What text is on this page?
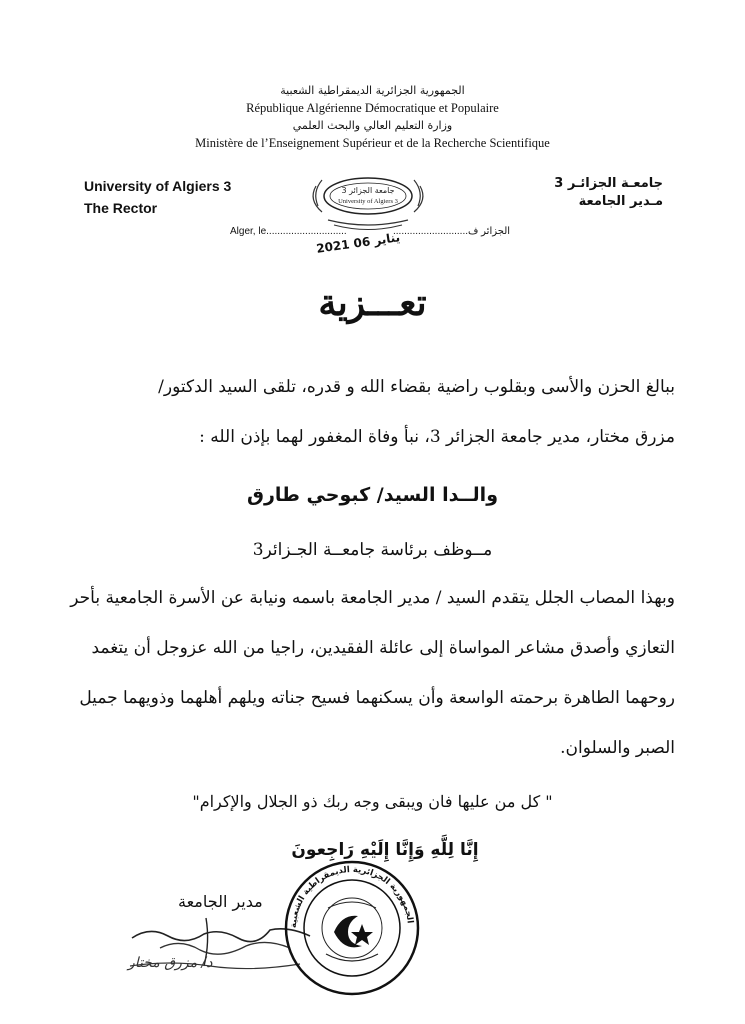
الجمهورية الجزائرية الديمقراطية الشعبية
République Algérienne Démocratique et Populaire
وزارة التعليم العالي والبحث العلمي
Ministère de l’Enseignement Supérieur et de la Recherche Scientifique
University of Algiers 3
The Rector
جامعـة الجزائـر 3
مـدير الجامعة
جامعة الجزائر 3
University of Algiers 3
Alger, le.............................	...........................الجزائر ف
2021 يناير 06
تعـــزية
ببالغ الحزن والأسى وبقلوب راضية بقضاء الله و قدره، تلقى السيد الدكتور/
مزرق مختار، مدير جامعة الجزائر 3، نبأ وفاة المغفور لهما بإذن الله :
والــدا السيد/ كبوحي طارق
مــوظف برئاسة جامعــة الجـزائر3
وبهذا المصاب الجلل يتقدم السيد / مدير الجامعة باسمه ونيابة عن الأسرة الجامعية بأحر
التعازي وأصدق مشاعر المواساة إلى عائلة الفقيدين، راجيا من الله عزوجل أن يتغمد
روحهما الطاهرة برحمته الواسعة وأن يسكنهما فسيح جناته ويلهم أهلهما وذويهما جميل
الصبر والسلوان.
" كل من عليها فان ويبقى وجه ربك ذو الجلال والإكرام"
إِنَّا لِلَّهِ وَإِنَّا إِلَيْهِ رَاجِعونَ
مدير الجامعة
د/ مزرق مختار
الجمهورية الجزائرية الديمقراطية الشعبية
